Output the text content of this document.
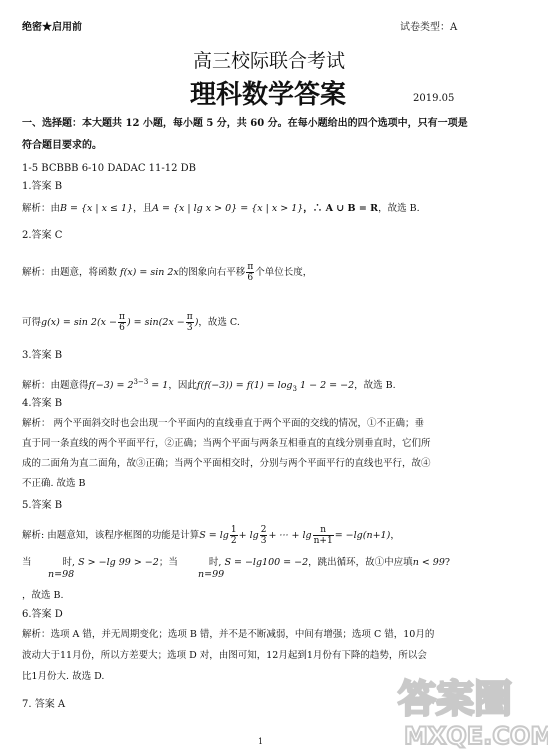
绝密★启用前	试卷类型：A
高三校际联合考试
理科数学答案	2019.05
一、选择题：本大题共 12 小题，每小题 5 分，共 60 分。在每小题给出的四个选项中，只有一项是
符合题目要求的。
1-5 BCBBB 6-10 DADAC 11-12 DB
1.答案 B
解析：由B = {x | x ≤ 1}，且A = {x | lg x > 0} = {x | x > 1}，∴ A ∪ B = R，故选 B.
2.答案 C
解析：由题意，将函数 f(x) = sin 2x的图象向右平移 $\frac{\pi}{6}$ 个单位长度，
可得$g(x) = \sin 2(x - \frac{\pi}{6}$ ) = $\sin(2x - \frac{\pi}{3}$ )，故选 C.
3.答案 B
解析：由题意得$f(-3) = 2^{3-3} = 1$，因此$f(f(-3)) = f(1) = \log_3 1 - 2 = -2$，故选 B.
4.答案 B
解析： 两个平面斜交时也会出现一个平面内的直线垂直于两个平面的交线的情况，①不正确；垂
直于同一条直线的两个平面平行，②正确；当两个平面与两条互相垂直的直线分别垂直时，它们所
成的二面角为直二面角，故③正确；当两个平面相交时，分别与两个平面平行的直线也平行，故④
不正确. 故选 B
5.答案 B
解析: 由题意知，该程序框图的功能是计算$S = \lg \frac{1}{2} + \lg \frac{2}{3}$ + ··· + $\lg \frac{n}{n+1} = -\lg(n+1)$，
当	时, S > −lg 99 > −2；当	时, S = −lg100 = −2，跳出循环，故①中应填n < 99?
n=98	n=99
，故选 B.
6.答案 D
解析：选项 A 错，并无周期变化；选项 B 错，并不是不断减弱，中间有增强；选项 C 错，10月的
波动大于11月份，所以方差要大；选项 D 对，由图可知，12月起到1月份有下降的趋势，所以会
比1月份大. 故选 D.
7. 答案 A
1
答案圈
MXQE.COM
